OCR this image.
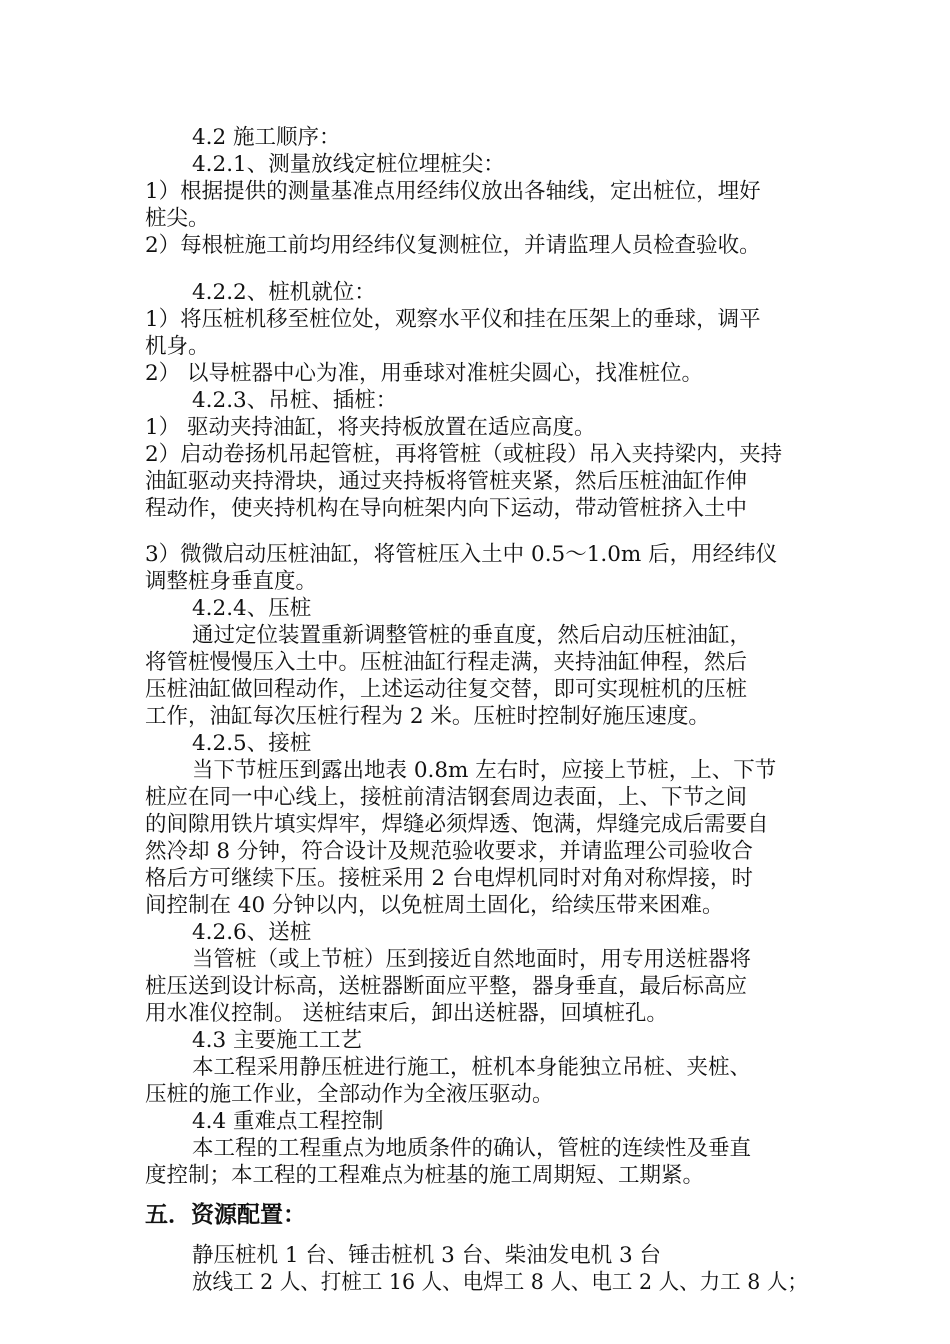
4.2 施工顺序：
4.2.1、测量放线定桩位埋桩尖：
1）根据提供的测量基准点用经纬仪放出各轴线，定出桩位，埋好
桩尖。
2）每根桩施工前均用经纬仪复测桩位，并请监理人员检查验收。
4.2.2、桩机就位：
1）将压桩机移至桩位处，观察水平仪和挂在压架上的垂球，调平
机身。
2） 以导桩器中心为准，用垂球对准桩尖圆心，找准桩位。
4.2.3、吊桩、插桩：
1） 驱动夹持油缸，将夹持板放置在适应高度。
2）启动卷扬机吊起管桩，再将管桩（或桩段）吊入夹持梁内，夹持
油缸驱动夹持滑块，通过夹持板将管桩夹紧，然后压桩油缸作伸
程动作，使夹持机构在导向桩架内向下运动，带动管桩挤入土中
3）微微启动压桩油缸，将管桩压入土中 0.5～1.0m 后，用经纬仪
调整桩身垂直度。
4.2.4、压桩
通过定位装置重新调整管桩的垂直度，然后启动压桩油缸，
将管桩慢慢压入土中。压桩油缸行程走满，夹持油缸伸程，然后
压桩油缸做回程动作，上述运动往复交替，即可实现桩机的压桩
工作，油缸每次压桩行程为 2 米。压桩时控制好施压速度。
4.2.5、接桩
当下节桩压到露出地表 0.8m 左右时，应接上节桩，上、下节
桩应在同一中心线上，接桩前清洁钢套周边表面，上、下节之间
的间隙用铁片填实焊牢，焊缝必须焊透、饱满，焊缝完成后需要自
然冷却 8 分钟，符合设计及规范验收要求，并请监理公司验收合
格后方可继续下压。接桩采用 2 台电焊机同时对角对称焊接，时
间控制在 40 分钟以内，以免桩周土固化，给续压带来困难。
4.2.6、送桩
当管桩（或上节桩）压到接近自然地面时，用专用送桩器将
桩压送到设计标高，送桩器断面应平整，器身垂直，最后标高应
用水准仪控制。 送桩结束后，卸出送桩器，回填桩孔。
4.3 主要施工工艺
本工程采用静压桩进行施工，桩机本身能独立吊桩、夹桩、
压桩的施工作业，全部动作为全液压驱动。
4.4 重难点工程控制
本工程的工程重点为地质条件的确认，管桩的连续性及垂直
度控制；本工程的工程难点为桩基的施工周期短、工期紧。
五．资源配置：
静压桩机 1 台、锤击桩机 3 台、柴油发电机 3 台
放线工 2 人、打桩工 16 人、电焊工 8 人、电工 2 人、力工 8 人；
